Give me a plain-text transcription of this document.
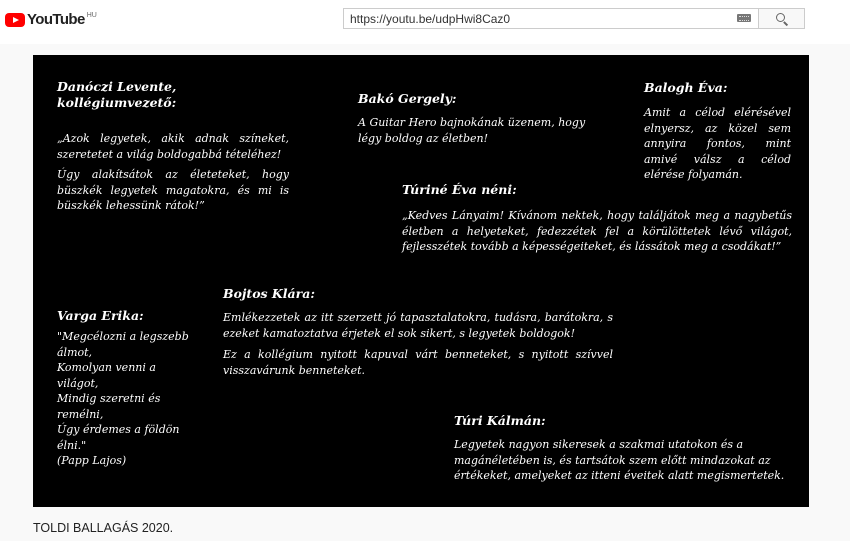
YouTube HU
https://youtu.be/udpHwi8Caz0
Danóczi Levente, kollégiumvezető:

„Azok legyetek, akik adnak színeket, szeretetet a világ boldogabbá tételéhez!

Úgy alakítsátok az életeteket, hogy büszkék legyetek magatokra, és mi is büszkék lehessünk rátok!”

Bakó Gergely:

A Guitar Hero bajnokának üzenem, hogy légy boldog az életben!

Balogh Éva:

Amit a célod elérésével elnyersz, az közel sem annyira fontos, mint amivé válsz a célod elérése folyamán.

Túriné Éva néni:

„Kedves Lányaim! Kívánom nektek, hogy találjátok meg a nagybetűs életben a helyeteket, fedezzétek fel a körülöttetek lévő világot, fejlesszétek tovább a képességeiteket, és lássátok meg a csodákat!”

Bojtos Klára:

Emlékezzetek az itt szerzett jó tapasztalatokra, tudásra, barátokra, s ezeket kamatoztatva érjetek el sok sikert, s legyetek boldogok!

Ez a kollégium nyitott kapuval várt benneteket, s nyitott szívvel visszavárunk benneteket.

Varga Erika:

"Megcélozni a legszebb álmot,

Komolyan venni a világot,

Mindig szeretni és remélni,

Úgy érdemes a földön élni."

(Papp Lajos)

Túri Kálmán:

Legyetek nagyon sikeresek a szakmai utatokon és a magánéletében is, és tartsátok szem előtt mindazokat az értékeket, amelyeket az itteni éveitek alatt megismertetek.

TOLDI BALLAGÁS 2020.
